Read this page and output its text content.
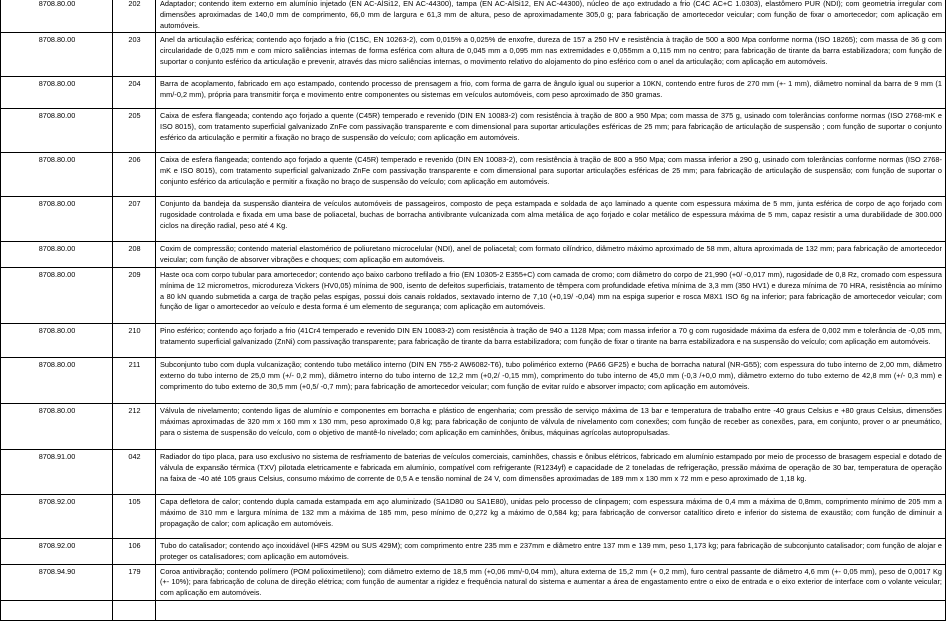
8708.80.00	202	Adaptador; contendo item externo em alumínio injetado (EN AC-AlSi12, EN AC-44300), tampa (EN AC-AlSi12, EN AC-44300), núcleo de aço extrudado a frio (C4C AC+C 1.0303), elastômero PUR (NDI); com geometria irregular com dimensões aproximadas de 140,0 mm de comprimento, 66,0 mm de largura e 61,3 mm de altura, peso de aproximadamente 305,0 g; para fabricação de amortecedor veicular; com função de fixar o amortecedor; com aplicação em automóveis.
8708.80.00	203	Anel da articulação esférica; contendo aço forjado a frio (C15C, EN 10263-2), com 0,015% a 0,025% de enxofre, dureza de 157 a 250 HV e resistência à tração de 500 a 800 Mpa conforme norma (ISO 18265); com massa de 36 g com circularidade de 0,025 mm e com micro saliências internas de forma esférica com altura de 0,045 mm a 0,095 mm nas extremidades e 0,055mm a 0,115 mm no centro; para fabricação de tirante da barra estabilizadora; com função de suportar o conjunto esférico da articulação e prevenir, através das micro saliências internas, o movimento relativo do alojamento do pino esférico com o anel da articulação; com aplicação em automóveis.
8708.80.00	204	Barra de acoplamento, fabricado em aço estampado, contendo processo de prensagem a frio, com forma de garra de ângulo igual ou superior a 10KN, contendo entre furos de 270 mm (+- 1 mm), diâmetro nominal da barra de 9 mm (1 mm/-0,2 mm), própria para transmitir força e movimento entre componentes ou sistemas em veículos automóveis, com peso aproximado de 350 gramas.
8708.80.00	205	Caixa de esfera flangeada; contendo aço forjado a quente (C45R) temperado e revenido (DIN EN 10083-2) com resistência à tração de 800 a 950 Mpa; com massa de 375 g, usinado com tolerâncias conforme normas (ISO 2768-mK e ISO 8015), com tratamento superficial galvanizado ZnFe com passivação transparente e com dimensional para suportar articulações esféricas de 25 mm; para fabricação de articulação de suspensão ; com função de suportar o conjunto esférico da articulação e permitir a fixação no braço de suspensão do veículo; com aplicação em automóveis.
8708.80.00	206	Caixa de esfera flangeada; contendo aço forjado a quente (C45R) temperado e revenido (DIN EN 10083-2), com resistência à tração de 800 a 950 Mpa; com massa inferior a 290 g, usinado com tolerâncias conforme normas (ISO 2768-mK e ISO 8015), com tratamento superficial galvanizado ZnFe com passivação transparente e com dimensional para suportar articulações esféricas de 25 mm; para fabricação de articulação de suspensão; com função de suportar o conjunto esférico da articulação e permitir a fixação no braço de suspensão do veículo; com aplicação em automóveis.
8708.80.00	207	Conjunto da bandeja da suspensão dianteira de veículos automóveis de passageiros, composto de peça estampada e soldada de aço laminado a quente com espessura máxima de 5 mm, junta esférica de corpo de aço forjado com rugosidade controlada e fixada em uma base de poliacetal, buchas de borracha antivibrante vulcanizada com alma metálica de aço forjado e colar metálico de espessura máxima de 5 mm, capaz resistir a uma durabilidade de 300.000 ciclos na direção radial, peso até 4 Kg.
8708.80.00	208	Coxim de compressão; contendo material elastomérico de poliuretano microcelular (NDI), anel de poliacetal; com formato cilíndrico, diâmetro máximo aproximado de 58 mm, altura aproximada de 132 mm; para fabricação de amortecedor veicular; com função de absorver vibrações e choques; com aplicação em automóveis.
8708.80.00	209	Haste oca com corpo tubular para amortecedor; contendo aço baixo carbono trefilado a frio (EN 10305-2 E355+C) com camada de cromo; com diâmetro do corpo de 21,990 (+0/ -0,017 mm), rugosidade de 0,8 Rz, cromado com espessura mínima de 12 micrometros, microdureza Vickers (HV0,05) mínima de 900, isento de defeitos superficiais, tratamento de têmpera com profundidade efetiva mínima de 3,3 mm (350 HV1) e dureza mínima de 70 HRA, resistência ao mínimo a 80 kN quando submetida a carga de tração pelas espigas, possui dois canais roldados, sextavado interno de 7,10 (+0,19/ -0,04) mm na espiga superior e rosca M8X1 ISO 6g na inferior; para fabricação de amortecedor veicular; com função de ligar o amortecedor ao veículo e desta forma é um elemento de segurança; com aplicação em automóveis.
8708.80.00	210	Pino esférico; contendo aço forjado a frio (41Cr4 temperado e revenido DIN EN 10083-2) com resistência à tração de 940 a 1128 Mpa; com massa inferior a 70 g com rugosidade máxima da esfera de 0,002 mm e tolerância de -0,05 mm, tratamento superficial galvanizado (ZnNi) com passivação transparente; para fabricação de tirante da barra estabilizadora; com função de fixar o tirante na barra estabilizadora e na suspensão do veículo; com aplicação em automóveis.
8708.80.00	211	Subconjunto tubo com dupla vulcanização; contendo tubo metálico interno (DIN EN 755-2 AW6082-T6), tubo polimérico externo (PA66 GF25) e bucha de borracha natural (NR-G55); com espessura do tubo interno de 2,00 mm, diâmetro externo do tubo interno de 25,0 mm (+/- 0,2 mm), diâmetro interno do tubo interno de 12,2 mm (+0,2/ -0,15 mm), comprimento do tubo interno de 45,0 mm (-0,3 /+0,0 mm), diâmetro externo do tubo externo de 42,8 mm (+/- 0,3 mm) e comprimento do tubo externo de 30,5 mm (+0,5/ -0,7 mm); para fabricação de amortecedor veicular; com função de evitar ruído e absorver impacto; com aplicação em automóveis.
8708.80.00	212	Válvula de nivelamento; contendo ligas de alumínio e componentes em borracha e plástico de engenharia; com pressão de serviço máxima de 13 bar e temperatura de trabalho entre -40 graus Celsius e +80 graus Celsius, dimensões máximas aproximadas de 320 mm x 160 mm x 130 mm, peso aproximado 0,8 kg; para fabricação de conjunto de válvula de nivelamento com conexões; com função de receber as conexões, para, em conjunto, prover o ar pneumático, para o sistema de suspensão do veículo, com o objetivo de mantê-lo nivelado; com aplicação em caminhões, ônibus, máquinas agrícolas autopropulsadas.
8708.91.00	042	Radiador do tipo placa, para uso exclusivo no sistema de resfriamento de baterias de veículos comerciais, caminhões, chassis e ônibus elétricos, fabricado em alumínio estampado por meio de processo de brasagem especial e dotado de válvula de expansão térmica (TXV) pilotada eletricamente e fabricada em alumínio, compatível com refrigerante (R1234yf) e capacidade de 2 toneladas de refrigeração, pressão máxima de operação de 30 bar, temperatura de operação na faixa de -40 até 105 graus Celsius, consumo máximo de corrente de 0,5 A e tensão nominal de 24 V, com dimensões aproximadas de 189 mm x 130 mm x 72 mm e peso aproximado de 1,18 kg.
8708.92.00	105	Capa defletora de calor; contendo dupla camada estampada em aço aluminizado (SA1D80 ou SA1E80), unidas pelo processo de clinpagem; com espessura máxima de 0,4 mm a máxima de 0,8mm, comprimento mínimo de 205 mm a máximo de 310 mm e largura mínima de 132 mm a máxima de 185 mm, peso mínimo de 0,272 kg a máximo de 0,584 kg; para fabricação de conversor catalítico direto e inferior do sistema de exaustão; com função de diminuir a propagação de calor; com aplicação em automóveis.
8708.92.00	106	Tubo do catalisador; contendo aço inoxidável (HFS 429M ou SUS 429M); com comprimento entre 235 mm e 237mm e diâmetro entre 137 mm e 139 mm, peso 1,173 kg; para fabricação de subconjunto catalisador; com função de alojar e proteger os catalisadores; com aplicação em automóveis.
8708.94.90	179	Coroa antivibração; contendo polímero (POM polioximetileno); com diâmetro externo de 18,5 mm (+0,06 mm/-0,04 mm), altura externa de 15,2 mm (+ 0,2 mm), furo central passante de diâmetro 4,6 mm (+- 0,05 mm), peso de 0,0017 Kg (+- 10%); para fabricação de coluna de direção elétrica; com função de aumentar a rigidez e frequência natural do sistema e aumentar a área de engastamento entre o eixo de entrada e o eixo exterior de interface com o volante veicular; com aplicação em automóveis.
